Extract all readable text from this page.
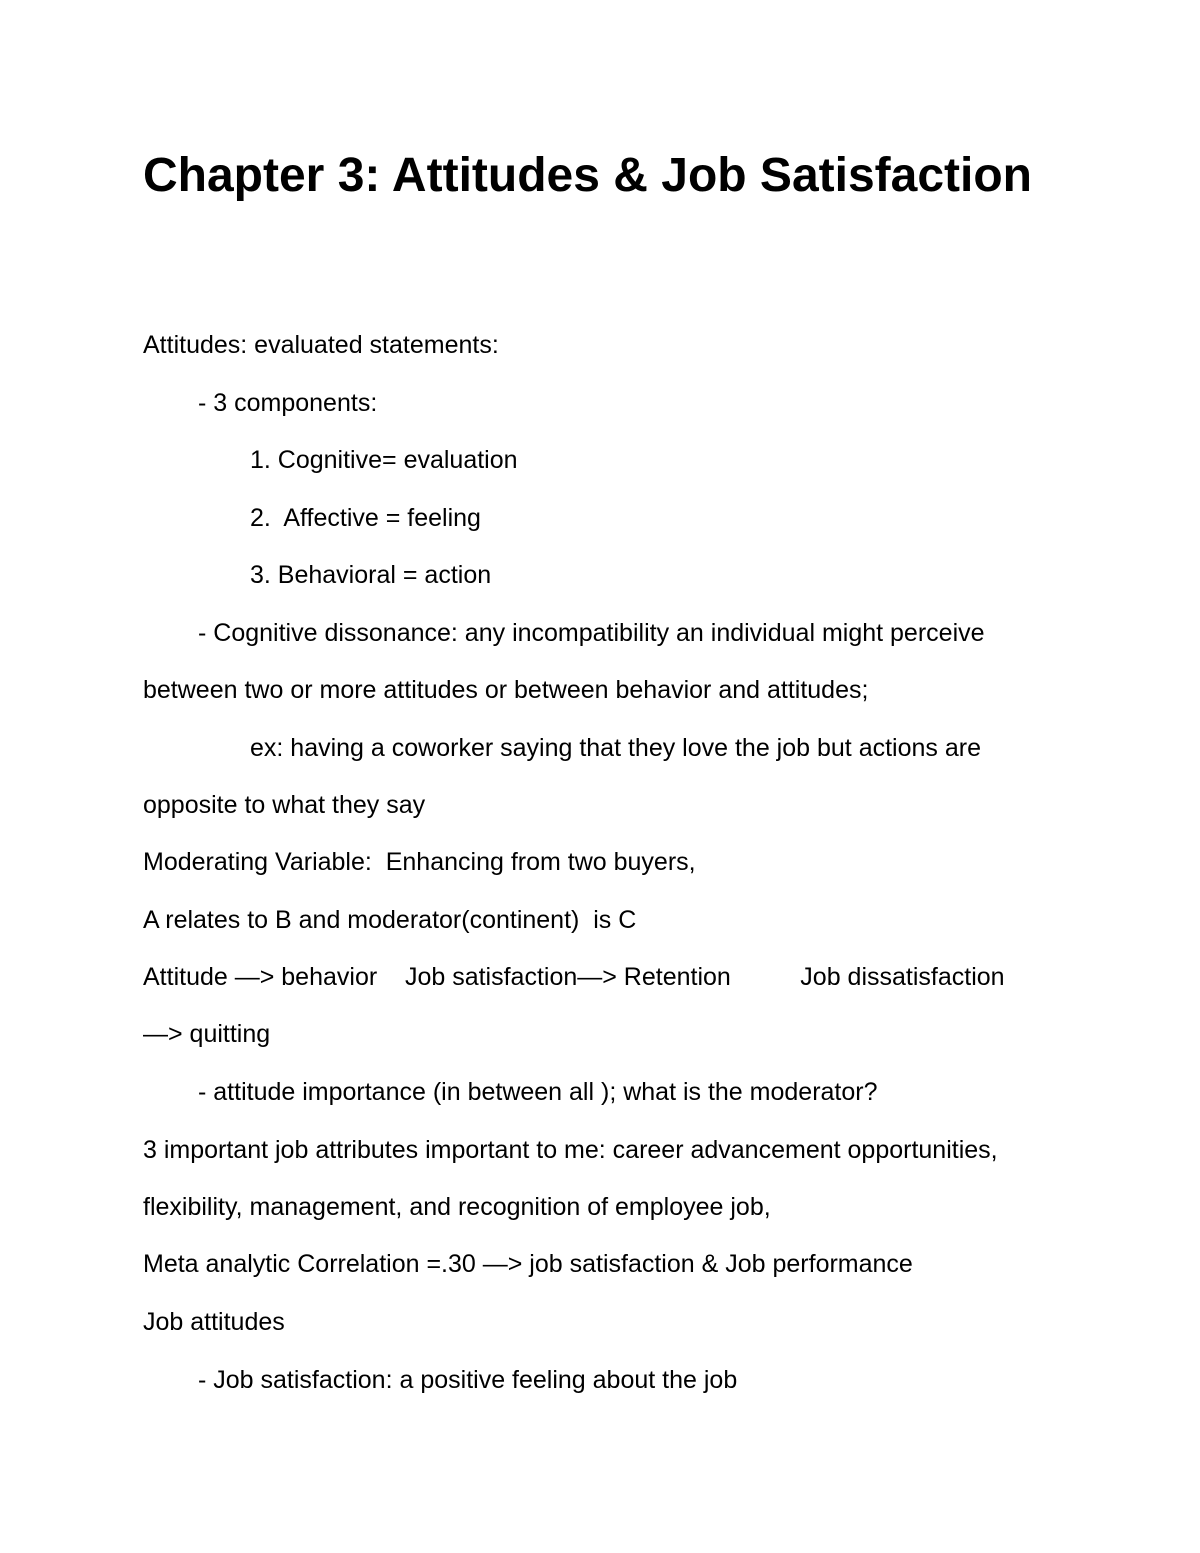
Chapter 3: Attitudes & Job Satisfaction

Attitudes: evaluated statements:

- 3 components:

1. Cognitive= evaluation

2.  Affective = feeling

3. Behavioral = action

- Cognitive dissonance: any incompatibility an individual might perceive

between two or more attitudes or between behavior and attitudes;

ex: having a coworker saying that they love the job but actions are

opposite to what they say

Moderating Variable:  Enhancing from two buyers,

A relates to B and moderator(continent)  is C

Attitude —> behavior    Job satisfaction—> Retention          Job dissatisfaction

—> quitting

- attitude importance (in between all ); what is the moderator?

3 important job attributes important to me: career advancement opportunities,

flexibility, management, and recognition of employee job,

Meta analytic Correlation =.30 —> job satisfaction & Job performance

Job attitudes

- Job satisfaction: a positive feeling about the job
